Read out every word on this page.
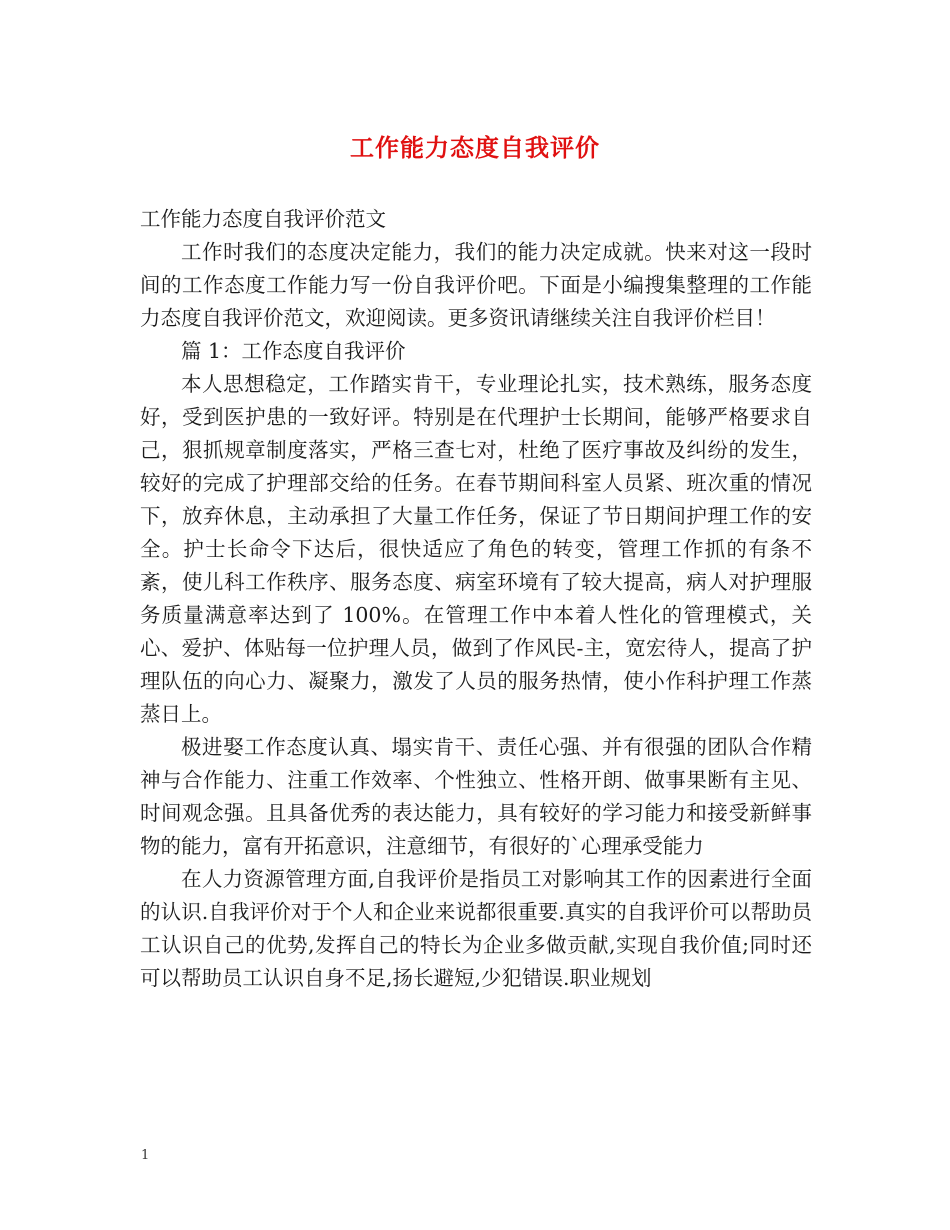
工作能力态度自我评价

工作能力态度自我评价范文

工作时我们的态度决定能力，我们的能力决定成就。快来对这一段时间的工作态度工作能力写一份自我评价吧。下面是小编搜集整理的工作能力态度自我评价范文，欢迎阅读。更多资讯请继续关注自我评价栏目！

篇 1：工作态度自我评价

本人思想稳定，工作踏实肯干，专业理论扎实，技术熟练，服务态度好，受到医护患的一致好评。特别是在代理护士长期间，能够严格要求自己，狠抓规章制度落实，严格三查七对，杜绝了医疗事故及纠纷的发生，较好的完成了护理部交给的任务。在春节期间科室人员紧、班次重的情况下，放弃休息，主动承担了大量工作任务，保证了节日期间护理工作的安全。护士长命令下达后，很快适应了角色的转变，管理工作抓的有条不紊，使儿科工作秩序、服务态度、病室环境有了较大提高，病人对护理服务质量满意率达到了 100%。在管理工作中本着人性化的管理模式，关心、爱护、体贴每一位护理人员，做到了作风民-主，宽宏待人，提高了护理队伍的向心力、凝聚力，激发了人员的服务热情，使小作科护理工作蒸蒸日上。

极进娶工作态度认真、塌实肯干、责任心强、并有很强的团队合作精神与合作能力、注重工作效率、个性独立、性格开朗、做事果断有主见、时间观念强。且具备优秀的表达能力，具有较好的学习能力和接受新鲜事物的能力，富有开拓意识，注意细节，有很好的`心理承受能力

在人力资源管理方面,自我评价是指员工对影响其工作的因素进行全面的认识.自我评价对于个人和企业来说都很重要.真实的自我评价可以帮助员工认识自己的优势,发挥自己的特长为企业多做贡献,实现自我价值;同时还可以帮助员工认识自身不足,扬长避短,少犯错误.职业规划

1
